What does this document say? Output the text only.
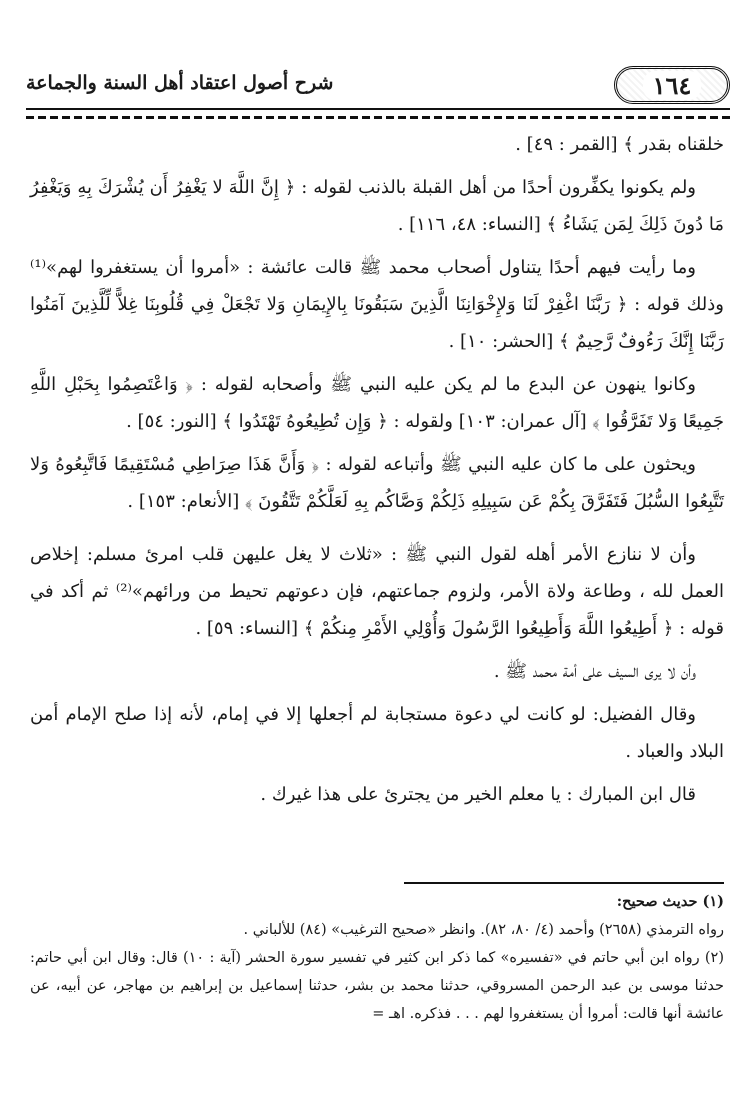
١٦٤
شرح أصول اعتقاد أهل السنة والجماعة

خلقناه بقدر ﴾ [القمر : ٤٩] .

ولم يكونوا يكفِّرون أحدًا من أهل القبلة بالذنب لقوله : ﴿ إِنَّ اللَّهَ لا يَغْفِرُ أَن يُشْرَكَ بِهِ وَيَغْفِرُ مَا دُونَ ذَلِكَ لِمَن يَشَاءُ ﴾ [النساء: ٤٨، ١١٦] .

وما رأيت فيهم أحدًا يتناول أصحاب محمد ﷺ قالت عائشة : «أمروا أن يستغفروا لهم»⁽¹⁾ وذلك قوله : ﴿ رَبَّنَا اغْفِرْ لَنَا وَلإِخْوَانِنَا الَّذِينَ سَبَقُونَا بِالإِيمَانِ وَلا تَجْعَلْ فِي قُلُوبِنَا غِلاًّ لِّلَّذِينَ آمَنُوا رَبَّنَا إِنَّكَ رَءُوفٌ رَّحِيمٌ ﴾ [الحشر: ١٠] .

وكانوا ينهون عن البدع ما لم يكن عليه النبي ﷺ وأصحابه لقوله : ﴿ وَاعْتَصِمُوا بِحَبْلِ اللَّهِ جَمِيعًا وَلا تَفَرَّقُوا ﴾ [آل عمران: ١٠٣] ولقوله : ﴿ وَإِن تُطِيعُوهُ تَهْتَدُوا ﴾ [النور: ٥٤] .

ويحثون على ما كان عليه النبي ﷺ وأتباعه لقوله : ﴿ وَأَنَّ هَذَا صِرَاطِي مُسْتَقِيمًا فَاتَّبِعُوهُ وَلا تَتَّبِعُوا السُّبُلَ فَتَفَرَّقَ بِكُمْ عَن سَبِيلِهِ ذَلِكُمْ وَصَّاكُم بِهِ لَعَلَّكُمْ تَتَّقُونَ ﴾ [الأنعام: ١٥٣] .

وأن لا ننازع الأمر أهله لقول النبي ﷺ : «ثلاث لا يغل عليهن قلب امرئ مسلم: إخلاص العمل لله ، وطاعة ولاة الأمر، ولزوم جماعتهم، فإن دعوتهم تحيط من ورائهم»⁽²⁾ ثم أكد في قوله : ﴿ أَطِيعُوا اللَّهَ وَأَطِيعُوا الرَّسُولَ وَأُوْلِي الأَمْرِ مِنكُمْ ﴾ [النساء: ٥٩] .

وأن لا يرى السيف على أمة محمد ﷺ .

وقال الفضيل: لو كانت لي دعوة مستجابة لم أجعلها إلا في إمام، لأنه إذا صلح الإمام أمن البلاد والعباد .

قال ابن المبارك : يا معلم الخير من يجترئ على هذا غيرك .

(١) حديث صحيح:

رواه الترمذي (٢٦٥٨) وأحمد (٤/ ٨٠، ٨٢). وانظر «صحيح الترغيب» (٨٤) للألباني .

(٢) رواه ابن أبي حاتم في «تفسيره» كما ذكر ابن كثير في تفسير سورة الحشر (آية : ١٠) قال: وقال ابن أبي حاتم: حدثنا موسى بن عبد الرحمن المسروقي، حدثنا محمد بن بشر، حدثنا إسماعيل بن إبراهيم بن مهاجر، عن أبيه، عن عائشة أنها قالت: أمروا أن يستغفروا لهم . . . فذكره. اهـ =
